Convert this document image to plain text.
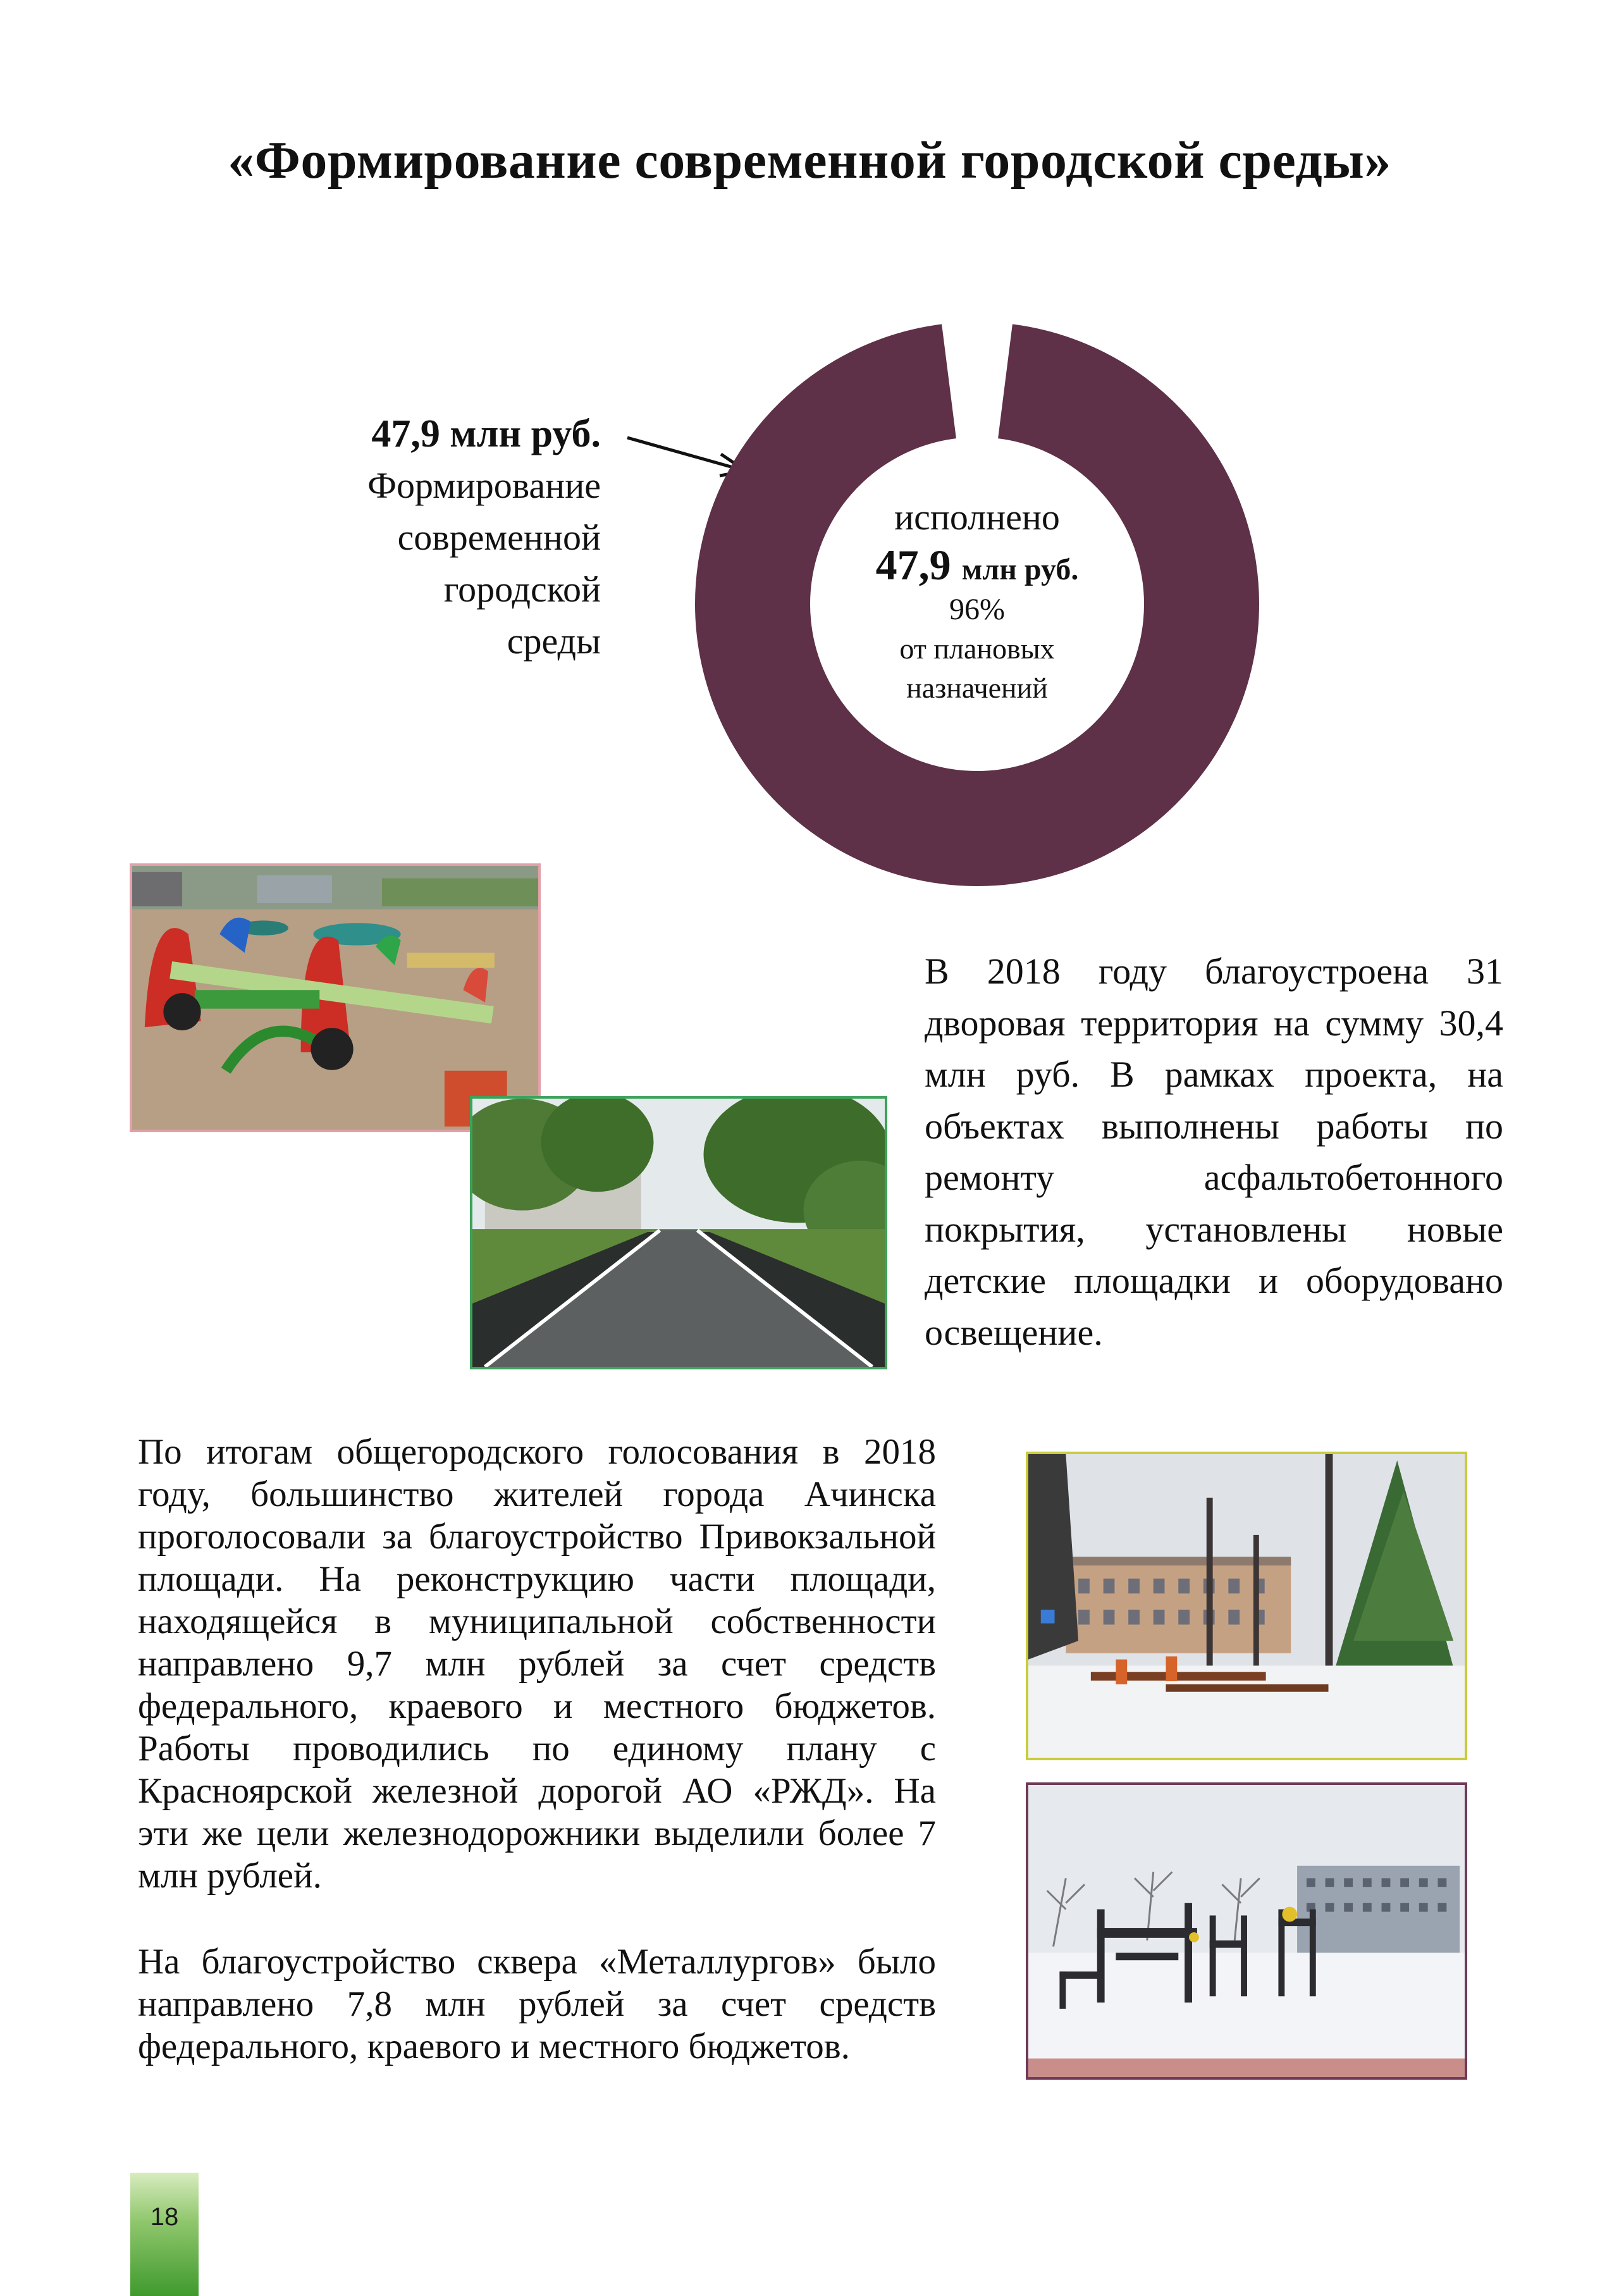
«Формирование современной городской среды»
47,9 млн руб.
Формирование
современной
городской
среды
исполнено
47,9 млн руб.
96%
от плановых назначений

В 2018 году благоустроена 31 дворовая территория на сумму 30,4 млн руб. В рамках проекта, на объектах выполнены работы по ремонту асфальтобетонного покрытия, установлены новые детские площадки и оборудовано освещение.

По итогам общегородского голосования в 2018 году, большинство жителей города Ачинска проголосовали за благоустройство Привокзальной площади. На реконструкцию части площади, находящейся в муниципальной собственности направлено 9,7 млн рублей за счет средств федерального, краевого и местного бюджетов. Работы проводились по единому плану с Красноярской железной дорогой АО «РЖД». На эти же цели железнодорожники выделили более 7 млн рублей.

На благоустройство сквера «Металлургов» было направлено 7,8 млн рублей за счет средств федерального, краевого и местного бюджетов.

18
